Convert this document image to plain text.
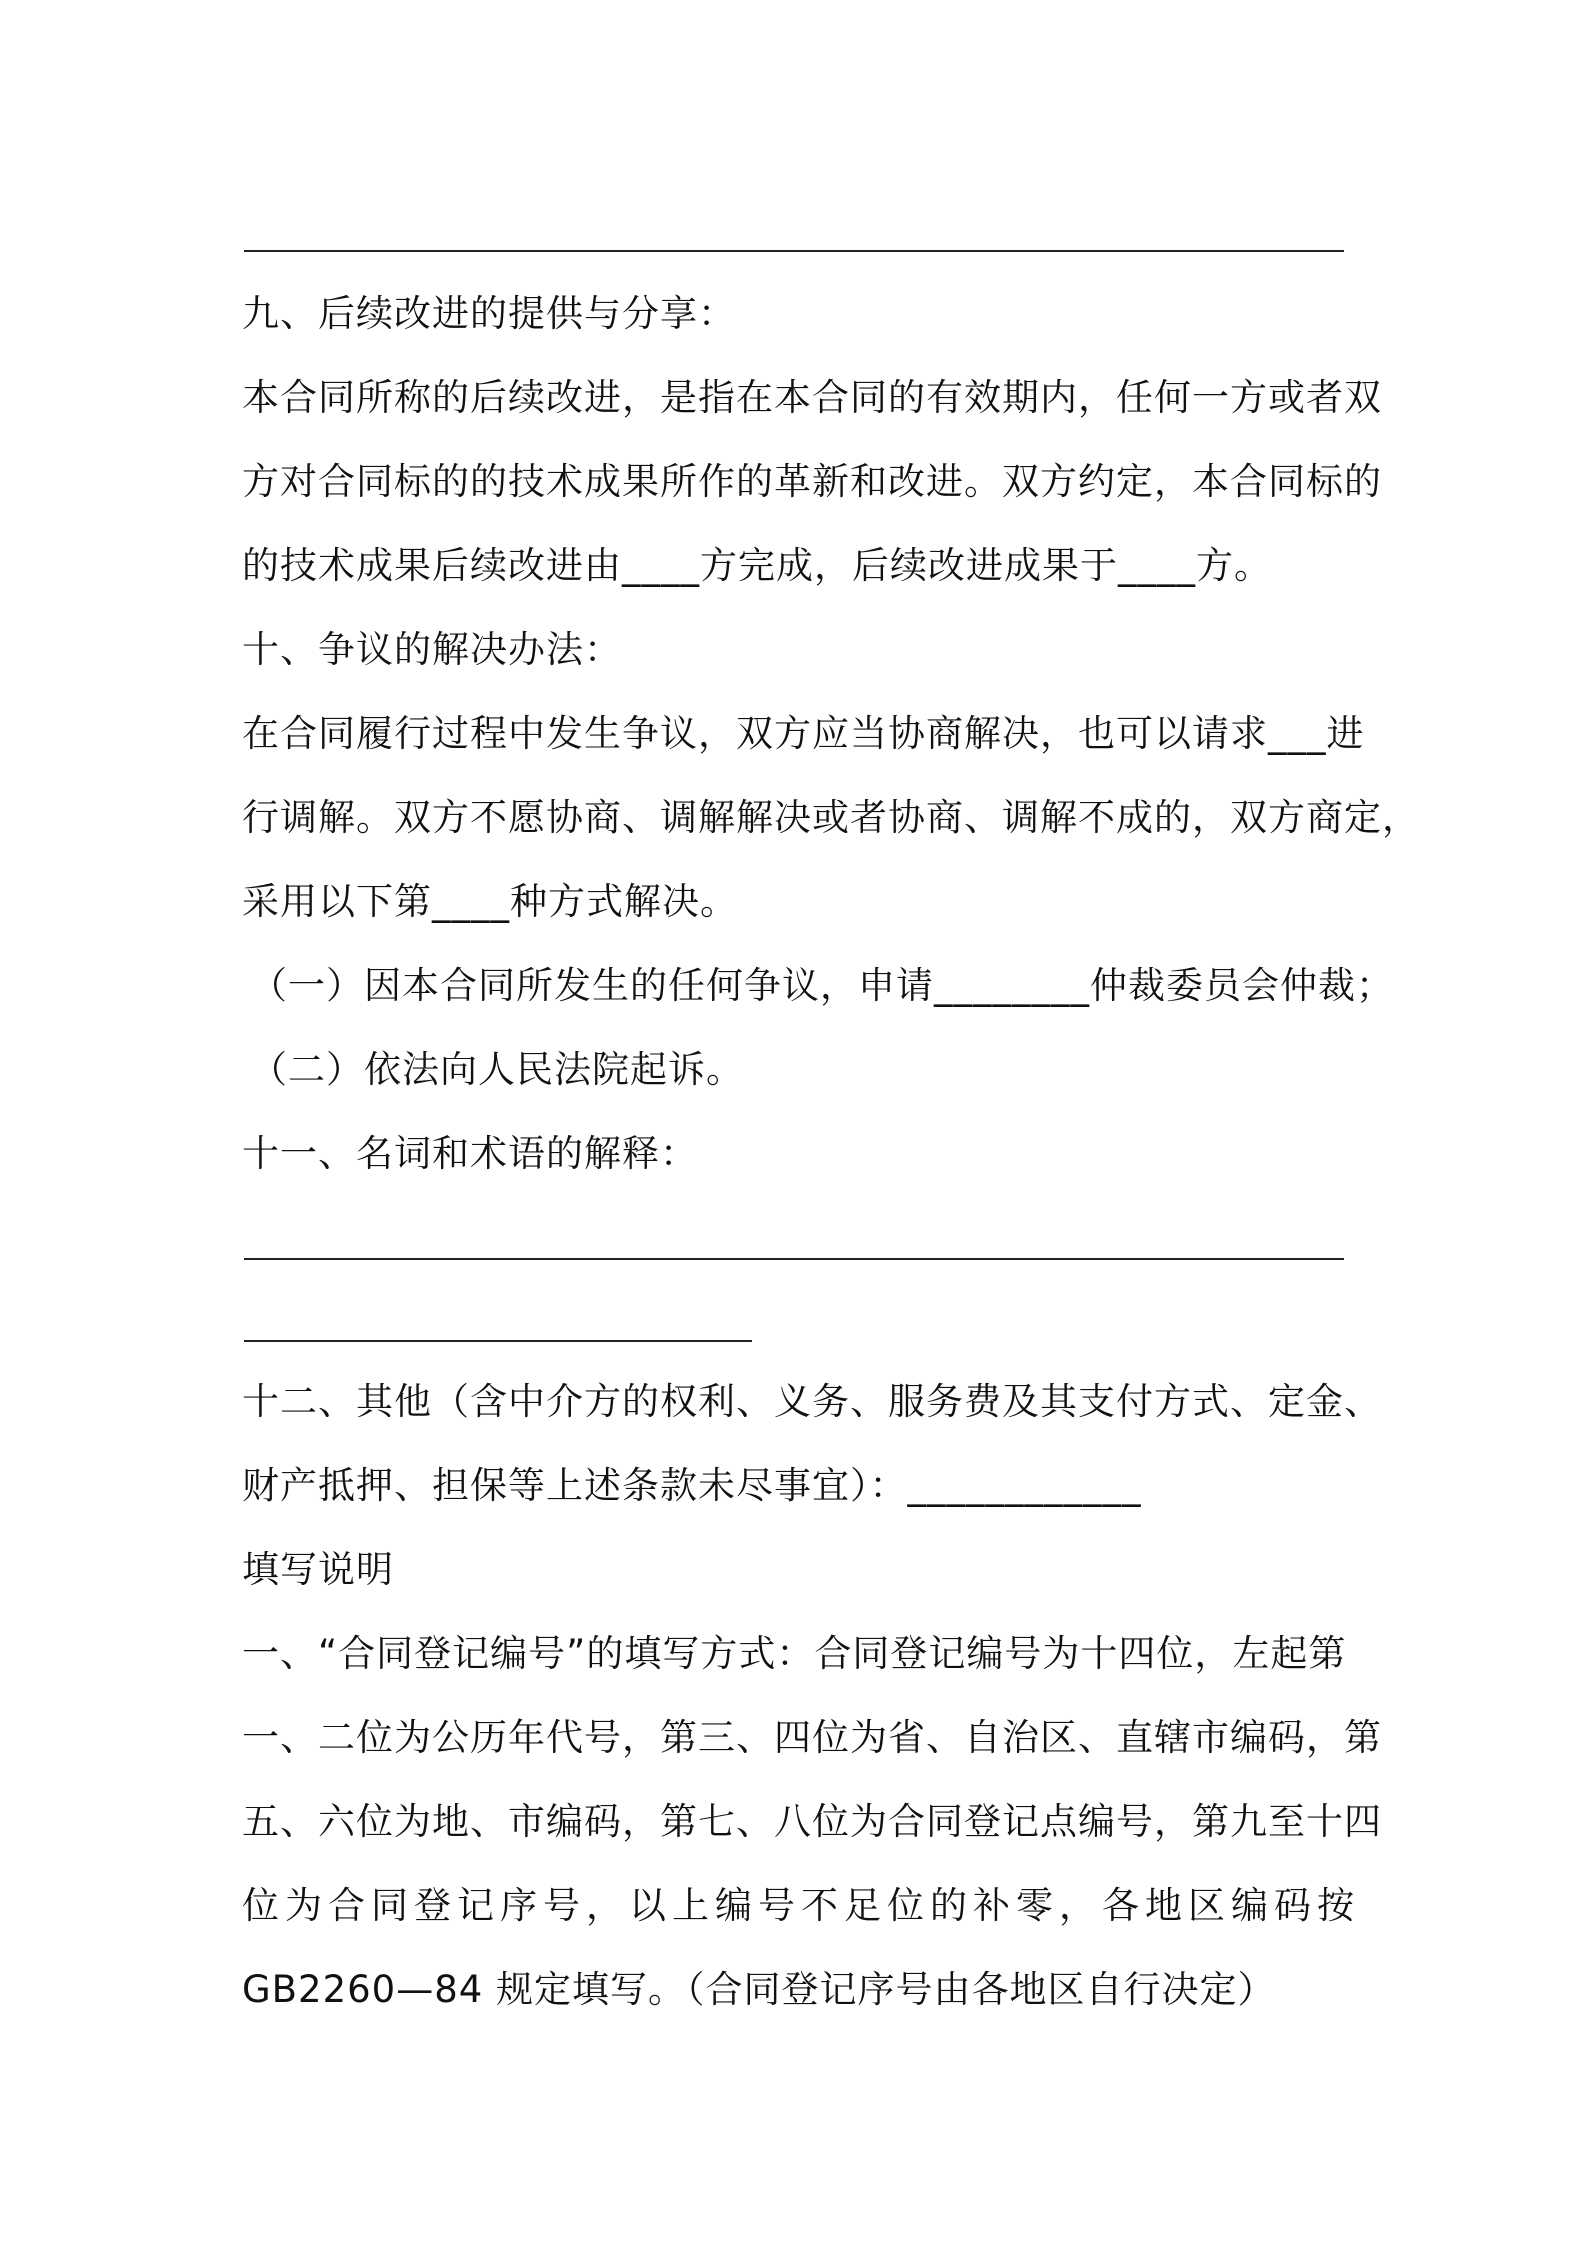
九、后续改进的提供与分享：
本合同所称的后续改进，是指在本合同的有效期内，任何一方或者双
方对合同标的的技术成果所作的革新和改进。双方约定，本合同标的
的技术成果后续改进由____方完成，后续改进成果于____方。
十、争议的解决办法：
在合同履行过程中发生争议，双方应当协商解决，也可以请求___进
行调解。双方不愿协商、调解解决或者协商、调解不成的，双方商定，
采用以下第____种方式解决。
（一）因本合同所发生的任何争议，申请________仲裁委员会仲裁；
（二）依法向人民法院起诉。
十一、名词和术语的解释：
十二、其他（含中介方的权利、义务、服务费及其支付方式、定金、
财产抵押、担保等上述条款未尽事宜）：____________
填写说明
一、“合同登记编号”的填写方式：合同登记编号为十四位，左起第
一、二位为公历年代号，第三、四位为省、自治区、直辖市编码，第
五、六位为地、市编码，第七、八位为合同登记点编号，第九至十四
位为合同登记序号，以上编号不足位的补零，各地区编码按
GB2260—84 规定填写。（合同登记序号由各地区自行决定）
